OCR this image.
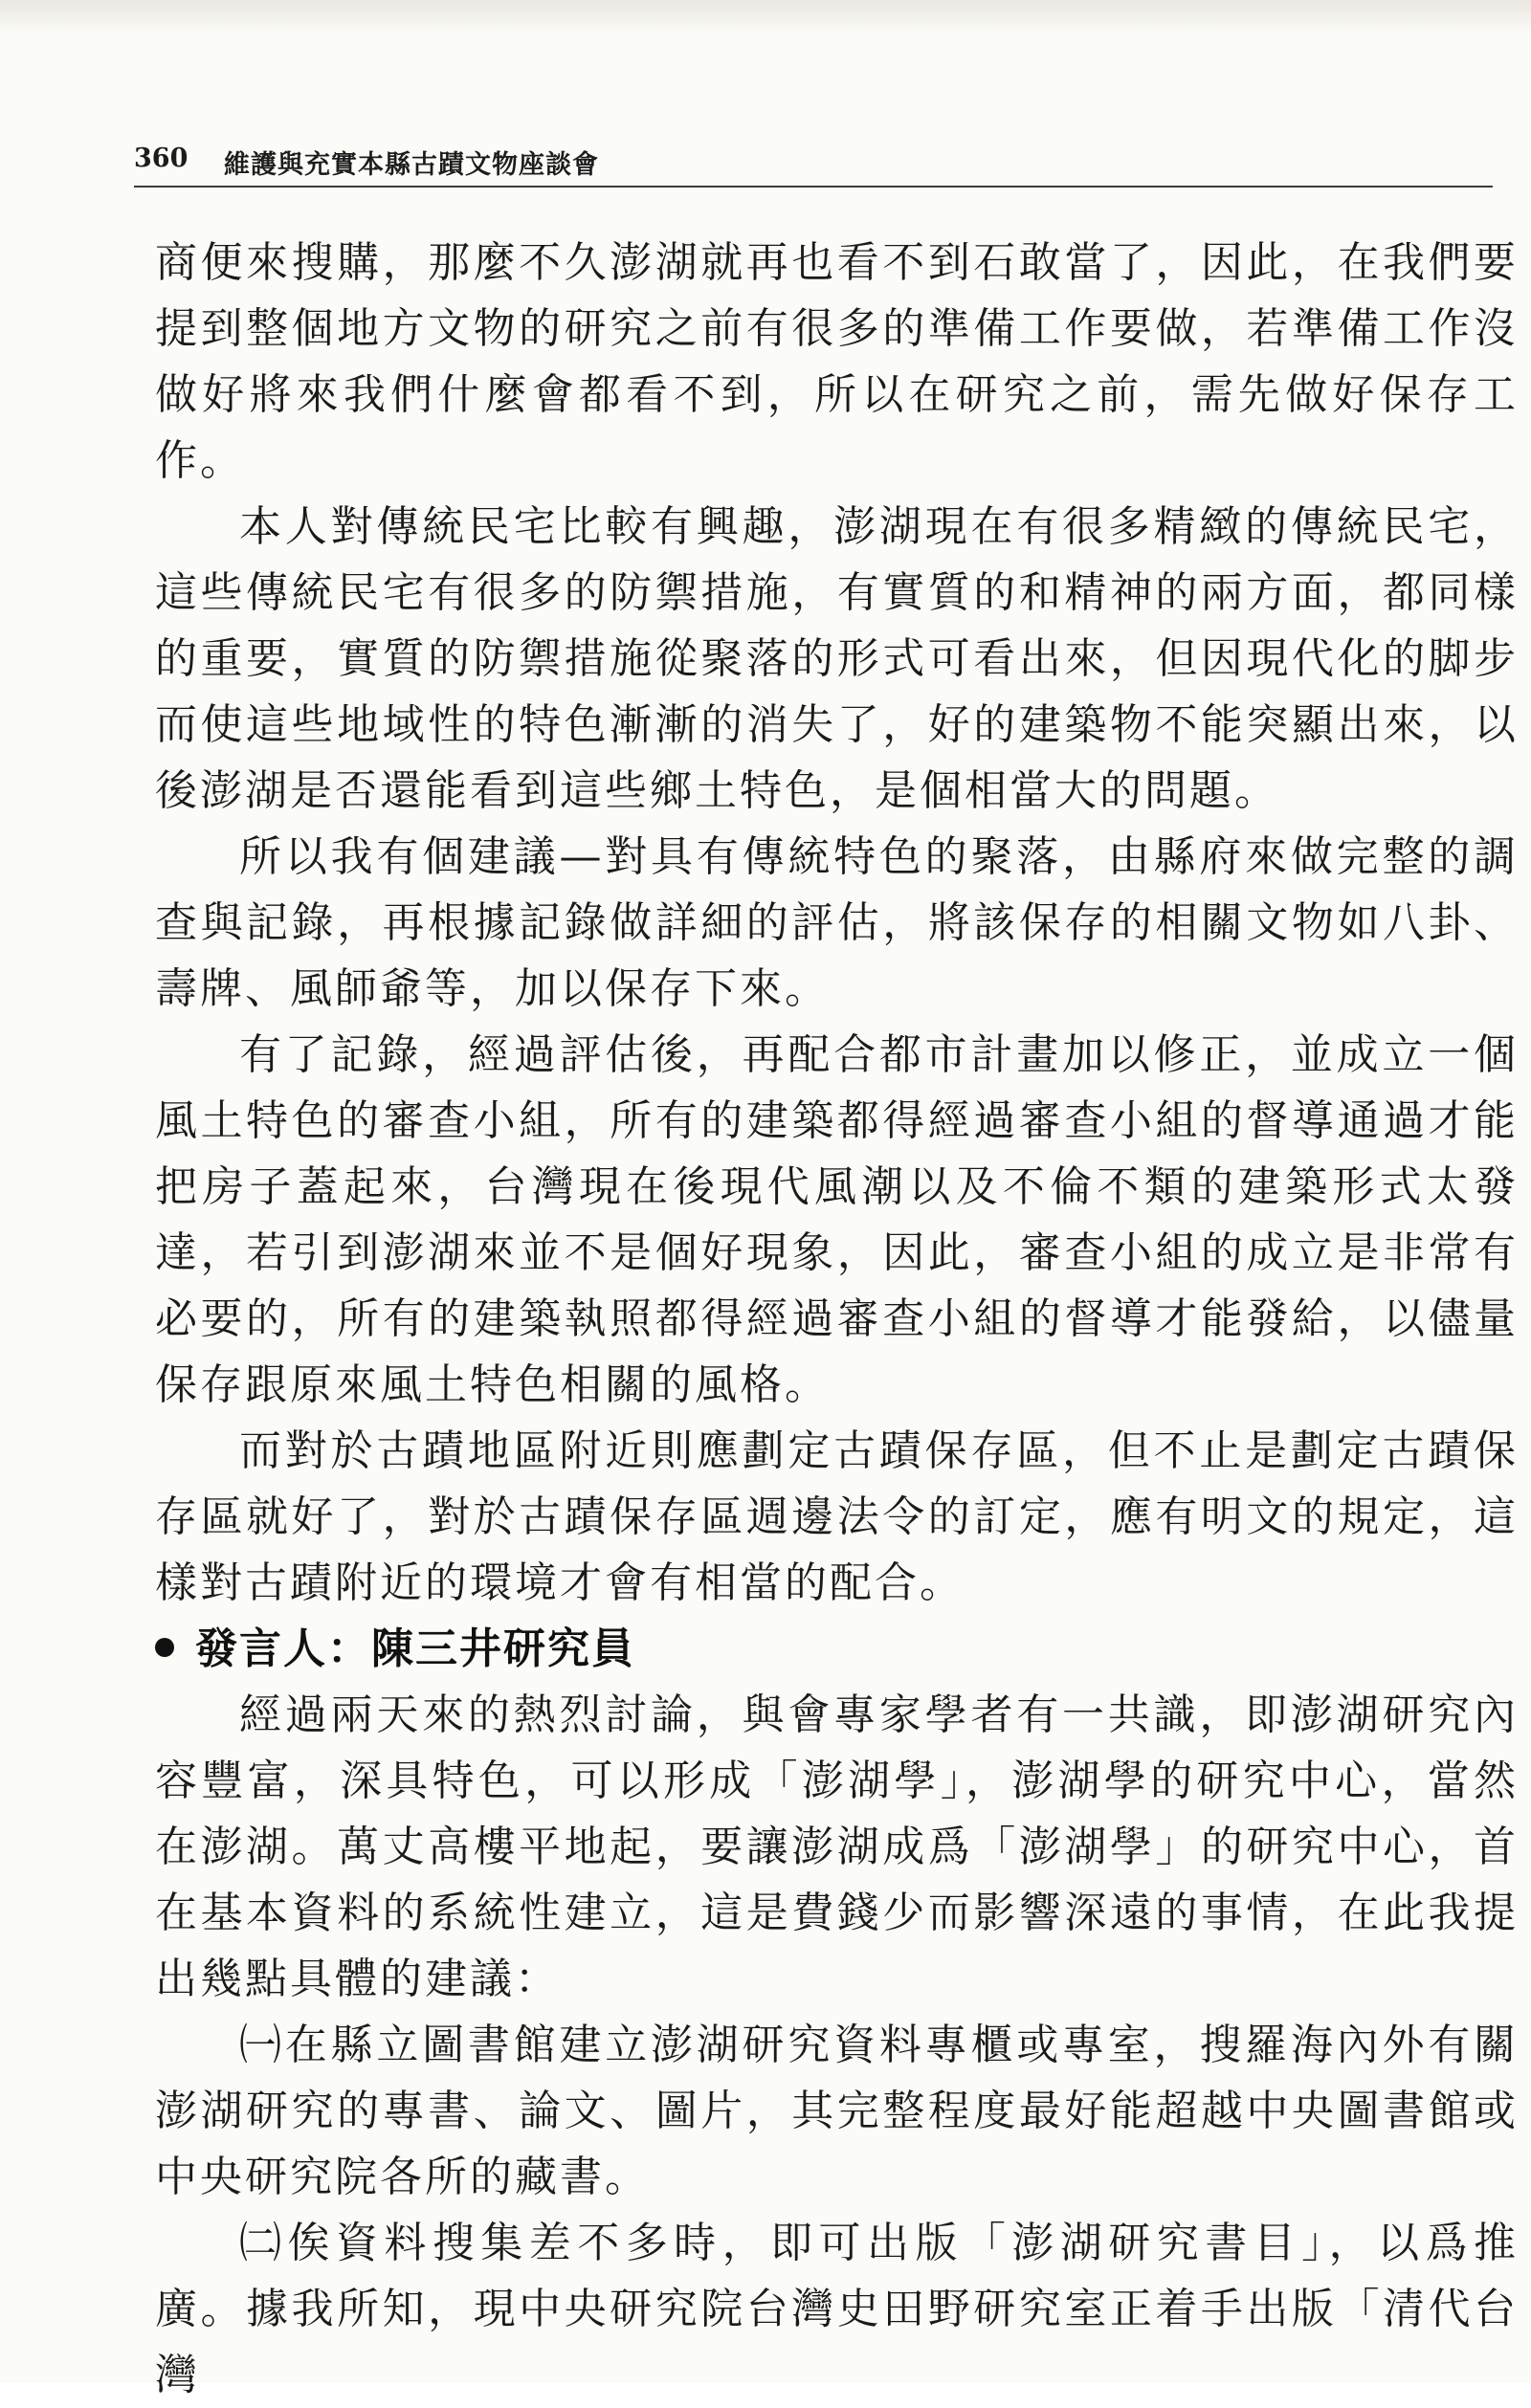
360 維護與充實本縣古蹟文物座談會

商便來搜購，那麼不久澎湖就再也看不到石敢當了，因此，在我們要提到整個地方文物的研究之前有很多的準備工作要做，若準備工作沒做好將來我們什麼會都看不到，所以在研究之前，需先做好保存工作。

本人對傳統民宅比較有興趣，澎湖現在有很多精緻的傳統民宅，這些傳統民宅有很多的防禦措施，有實質的和精神的兩方面，都同樣的重要，實質的防禦措施從聚落的形式可看出來，但因現代化的脚步而使這些地域性的特色漸漸的消失了，好的建築物不能突顯出來，以後澎湖是否還能看到這些鄉土特色，是個相當大的問題。

所以我有個建議—對具有傳統特色的聚落，由縣府來做完整的調查與記錄，再根據記錄做詳細的評估，將該保存的相關文物如八卦、壽牌、風師爺等，加以保存下來。

有了記錄，經過評估後，再配合都市計畫加以修正，並成立一個風土特色的審查小組，所有的建築都得經過審查小組的督導通過才能把房子蓋起來，台灣現在後現代風潮以及不倫不類的建築形式太發達，若引到澎湖來並不是個好現象，因此，審查小組的成立是非常有必要的，所有的建築執照都得經過審查小組的督導才能發給，以儘量保存跟原來風土特色相關的風格。

而對於古蹟地區附近則應劃定古蹟保存區，但不止是劃定古蹟保存區就好了，對於古蹟保存區週邊法令的訂定，應有明文的規定，這樣對古蹟附近的環境才會有相當的配合。

發言人：陳三井研究員

經過兩天來的熱烈討論，與會專家學者有一共識，即澎湖研究內容豐富，深具特色，可以形成「澎湖學」，澎湖學的研究中心，當然在澎湖。萬丈高樓平地起，要讓澎湖成爲「澎湖學」的研究中心，首在基本資料的系統性建立，這是費錢少而影響深遠的事情，在此我提出幾點具體的建議：

㈠在縣立圖書館建立澎湖研究資料專櫃或專室，搜羅海內外有關澎湖研究的專書、論文、圖片，其完整程度最好能超越中央圖書館或中央研究院各所的藏書。

㈡俟資料搜集差不多時，即可出版「澎湖研究書目」，以爲推廣。據我所知，現中央研究院台灣史田野研究室正着手出版「清代台灣
